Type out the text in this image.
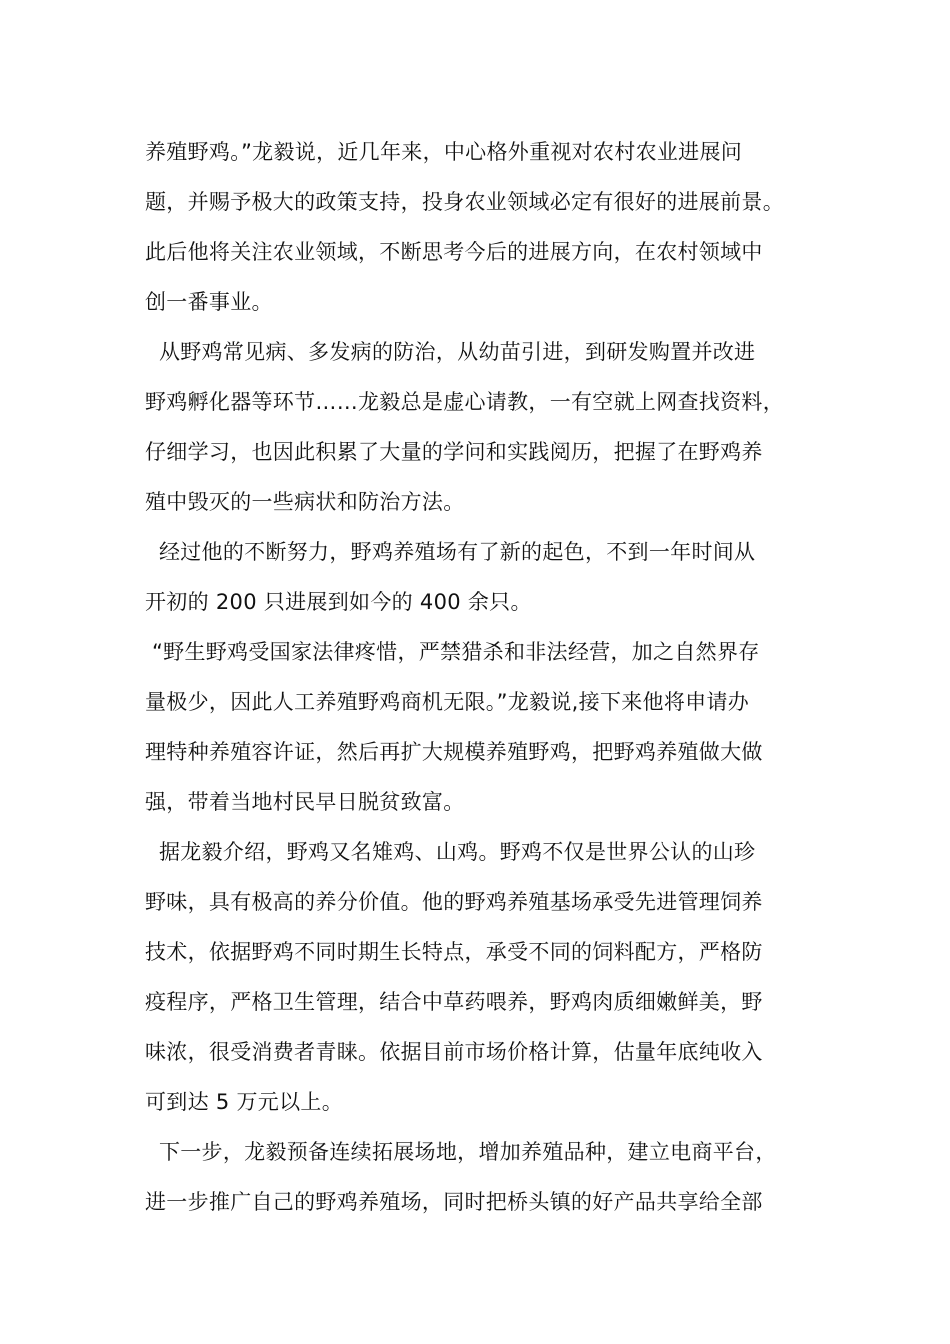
养殖野鸡。”龙毅说，近几年来，中心格外重视对农村农业进展问
题，并赐予极大的政策支持，投身农业领域必定有很好的进展前景。
此后他将关注农业领域，不断思考今后的进展方向，在农村领域中
创一番事业。

从野鸡常见病、多发病的防治，从幼苗引进，到研发购置并改进
野鸡孵化器等环节……龙毅总是虚心请教，一有空就上网查找资料，
仔细学习，也因此积累了大量的学问和实践阅历，把握了在野鸡养
殖中毁灭的一些病状和防治方法。

经过他的不断努力，野鸡养殖场有了新的起色，不到一年时间从
开初的 200 只进展到如今的 400 余只。

“野生野鸡受国家法律疼惜，严禁猎杀和非法经营，加之自然界存
量极少，因此人工养殖野鸡商机无限。”龙毅说,接下来他将申请办
理特种养殖容许证，然后再扩大规模养殖野鸡，把野鸡养殖做大做
强，带着当地村民早日脱贫致富。

据龙毅介绍，野鸡又名雉鸡、山鸡。野鸡不仅是世界公认的山珍
野味，具有极高的养分价值。他的野鸡养殖基场承受先进管理饲养
技术，依据野鸡不同时期生长特点，承受不同的饲料配方，严格防
疫程序，严格卫生管理，结合中草药喂养，野鸡肉质细嫩鲜美，野
味浓，很受消费者青睐。依据目前市场价格计算，估量年底纯收入
可到达 5 万元以上。

下一步，龙毅预备连续拓展场地，增加养殖品种，建立电商平台，
进一步推广自己的野鸡养殖场，同时把桥头镇的好产品共享给全部
